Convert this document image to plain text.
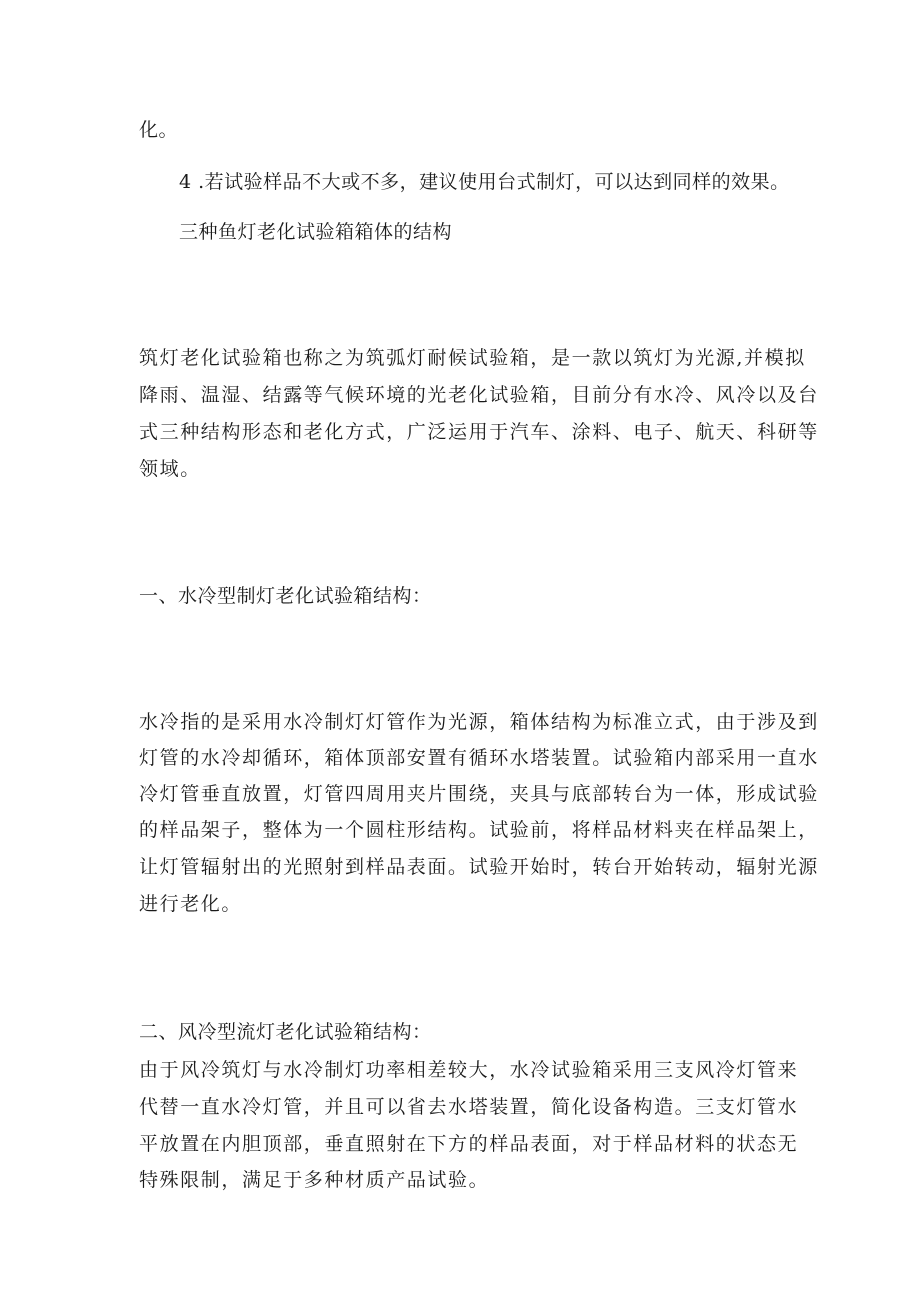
化。
4 .若试验样品不大或不多，建议使用台式制灯，可以达到同样的效果。
三种鱼灯老化试验箱箱体的结构
筑灯老化试验箱也称之为筑弧灯耐候试验箱，是一款以筑灯为光源,并模拟
降雨、温湿、结露等气候环境的光老化试验箱，目前分有水冷、风冷以及台
式三种结构形态和老化方式，广泛运用于汽车、涂料、电子、航天、科研等
领域。
一、水冷型制灯老化试验箱结构：
水冷指的是采用水冷制灯灯管作为光源，箱体结构为标准立式，由于涉及到
灯管的水冷却循环，箱体顶部安置有循环水塔装置。试验箱内部采用一直水
冷灯管垂直放置，灯管四周用夹片围绕，夹具与底部转台为一体，形成试验
的样品架子，整体为一个圆柱形结构。试验前，将样品材料夹在样品架上，
让灯管辐射出的光照射到样品表面。试验开始时，转台开始转动，辐射光源
进行老化。
二、风冷型流灯老化试验箱结构：
由于风冷筑灯与水冷制灯功率相差较大，水冷试验箱采用三支风冷灯管来
代替一直水冷灯管，并且可以省去水塔装置，简化设备构造。三支灯管水
平放置在内胆顶部，垂直照射在下方的样品表面，对于样品材料的状态无
特殊限制，满足于多种材质产品试验。
